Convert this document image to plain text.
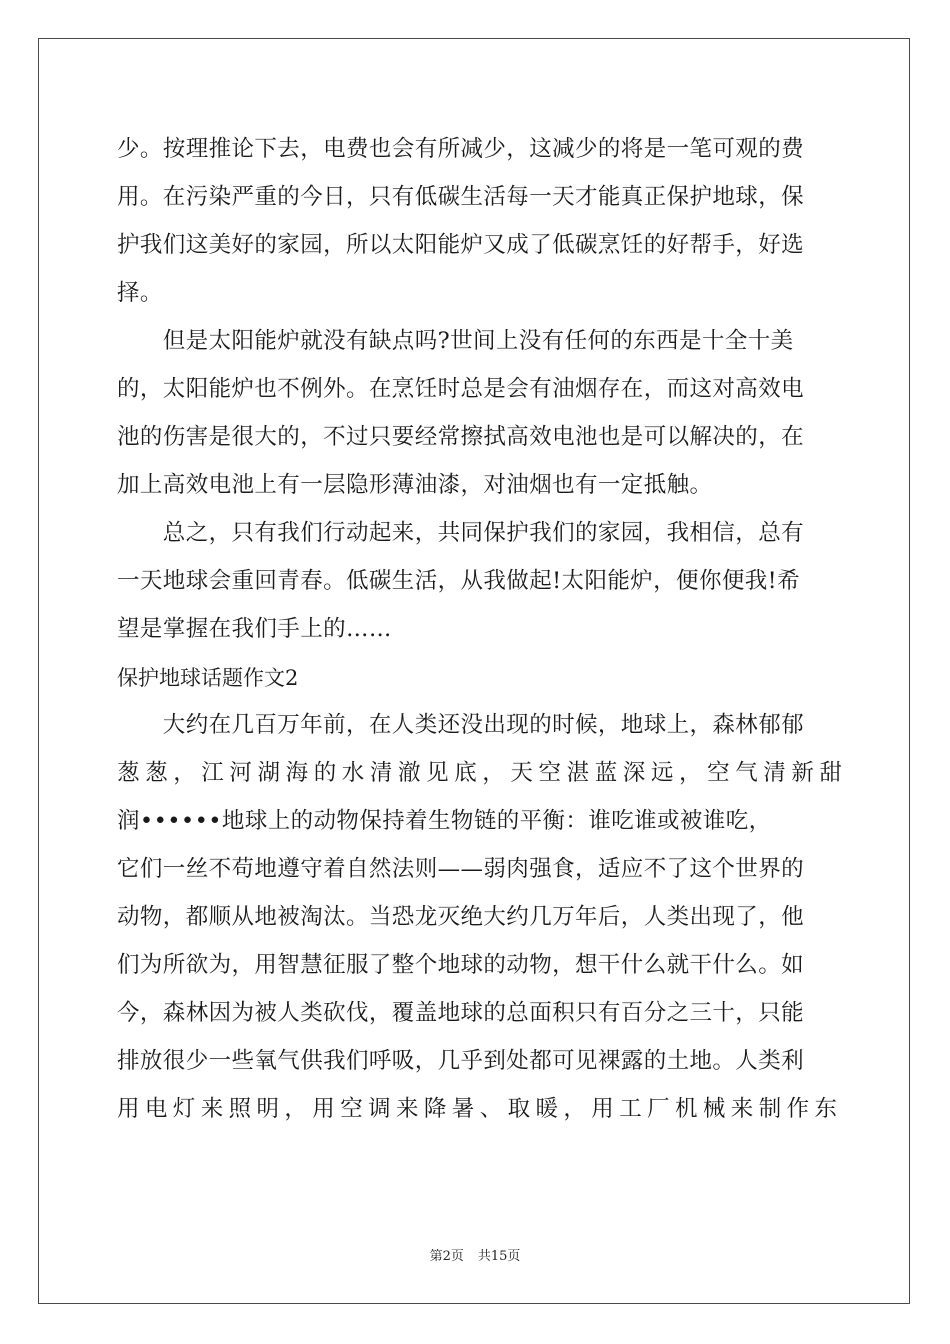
少。按理推论下去，电费也会有所减少，这减少的将是一笔可观的费
用。在污染严重的今日，只有低碳生活每一天才能真正保护地球，保
护我们这美好的家园，所以太阳能炉又成了低碳烹饪的好帮手，好选
择。
　　但是太阳能炉就没有缺点吗?世间上没有任何的东西是十全十美
的，太阳能炉也不例外。在烹饪时总是会有油烟存在，而这对高效电
池的伤害是很大的，不过只要经常擦拭高效电池也是可以解决的，在
加上高效电池上有一层隐形薄油漆，对油烟也有一定抵触。
　　总之，只有我们行动起来，共同保护我们的家园，我相信，总有
一天地球会重回青春。低碳生活，从我做起!太阳能炉，便你便我!希
望是掌握在我们手上的……
保护地球话题作文2
　　大约在几百万年前，在人类还没出现的时候，地球上，森林郁郁
葱葱，江河湖海的水清澈见底，天空湛蓝深远，空气清新甜
润••••••地球上的动物保持着生物链的平衡：谁吃谁或被谁吃，
它们一丝不苟地遵守着自然法则——弱肉强食，适应不了这个世界的
动物，都顺从地被淘汰。当恐龙灭绝大约几万年后，人类出现了，他
们为所欲为，用智慧征服了整个地球的动物，想干什么就干什么。如
今，森林因为被人类砍伐，覆盖地球的总面积只有百分之三十，只能
排放很少一些氧气供我们呼吸，几乎到处都可见裸露的土地。人类利
用电灯来照明，用空调来降暑、取暖，用工厂机械来制作东
第2页 共15页
